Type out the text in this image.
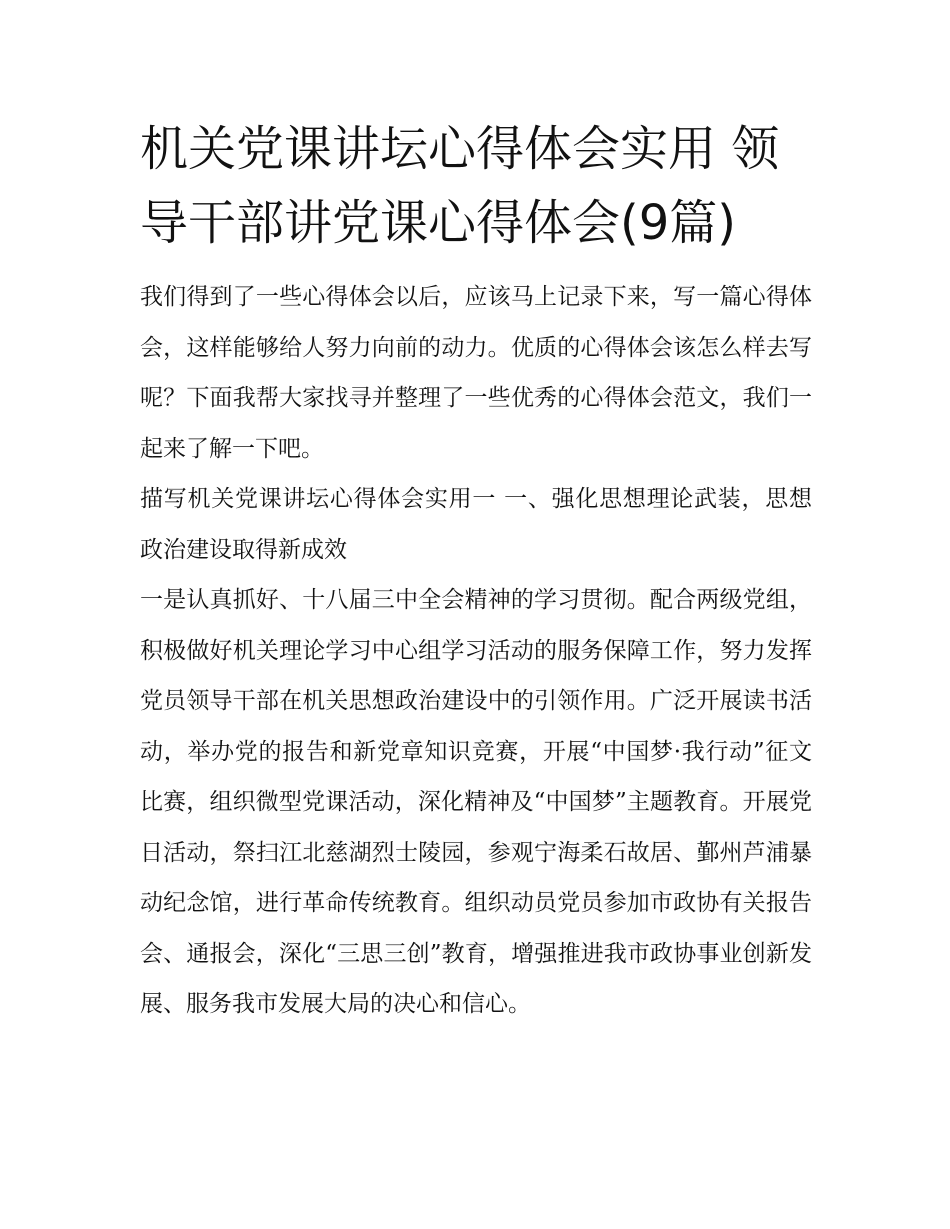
机关党课讲坛心得体会实用 领导干部讲党课心得体会(9篇)

我们得到了一些心得体会以后，应该马上记录下来，写一篇心得体会，这样能够给人努力向前的动力。优质的心得体会该怎么样去写呢？下面我帮大家找寻并整理了一些优秀的心得体会范文，我们一起来了解一下吧。

描写机关党课讲坛心得体会实用一 一、强化思想理论武装，思想政治建设取得新成效

一是认真抓好、十八届三中全会精神的学习贯彻。配合两级党组，积极做好机关理论学习中心组学习活动的服务保障工作，努力发挥党员领导干部在机关思想政治建设中的引领作用。广泛开展读书活动，举办党的报告和新党章知识竞赛，开展“中国梦·我行动”征文比赛，组织微型党课活动，深化精神及“中国梦”主题教育。开展党日活动，祭扫江北慈湖烈士陵园，参观宁海柔石故居、鄞州芦浦暴动纪念馆，进行革命传统教育。组织动员党员参加市政协有关报告会、通报会，深化“三思三创”教育，增强推进我市政协事业创新发展、服务我市发展大局的决心和信心。
